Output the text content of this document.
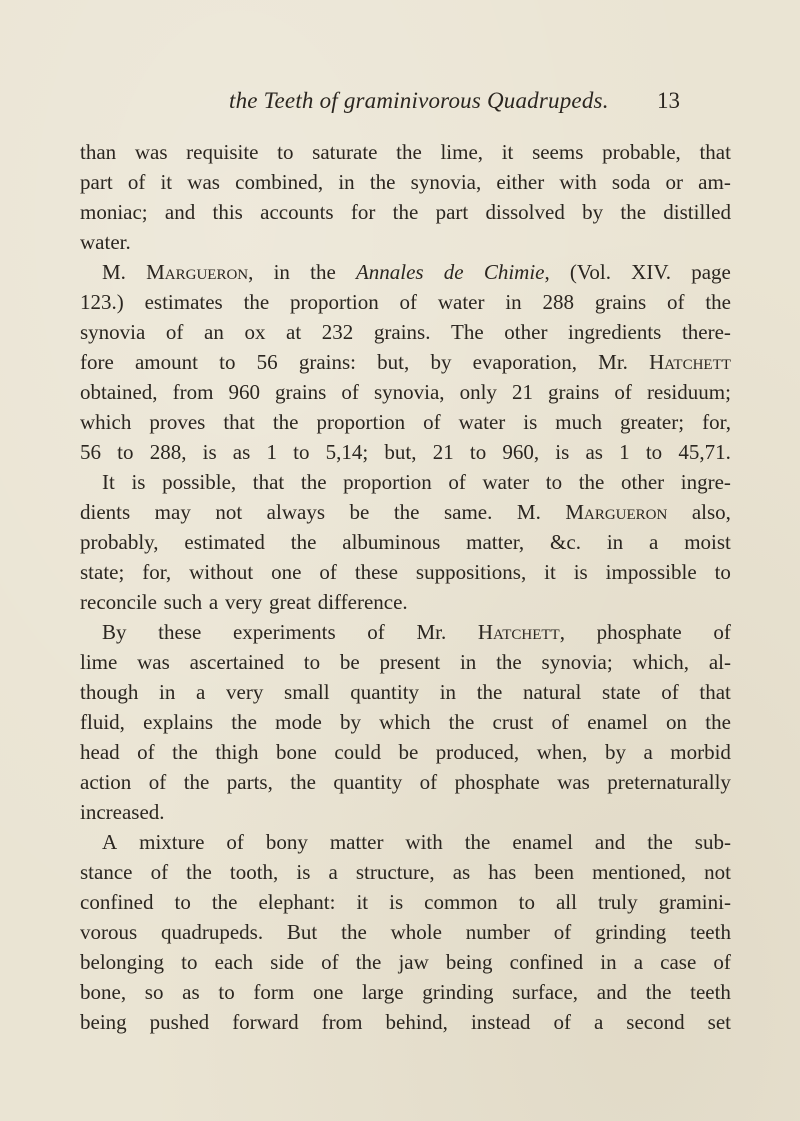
the Teeth of graminivorous Quadrupeds. 13
than was requisite to saturate the lime, it seems probable, that
part of it was combined, in the synovia, either with soda or am-
moniac; and this accounts for the part dissolved by the distilled
water.
M. Margueron, in the Annales de Chimie, (Vol. XIV. page
123.) estimates the proportion of water in 288 grains of the
synovia of an ox at 232 grains. The other ingredients there-
fore amount to 56 grains: but, by evaporation, Mr. Hatchett
obtained, from 960 grains of synovia, only 21 grains of residuum;
which proves that the proportion of water is much greater; for,
56 to 288, is as 1 to 5,14; but, 21 to 960, is as 1 to 45,71.
It is possible, that the proportion of water to the other ingre-
dients may not always be the same. M. Margueron also,
probably, estimated the albuminous matter, &c. in a moist
state; for, without one of these suppositions, it is impossible to
reconcile such a very great difference.
By these experiments of Mr. Hatchett, phosphate of
lime was ascertained to be present in the synovia; which, al-
though in a very small quantity in the natural state of that
fluid, explains the mode by which the crust of enamel on the
head of the thigh bone could be produced, when, by a morbid
action of the parts, the quantity of phosphate was preternaturally
increased.
A mixture of bony matter with the enamel and the sub-
stance of the tooth, is a structure, as has been mentioned, not
confined to the elephant: it is common to all truly gramini-
vorous quadrupeds. But the whole number of grinding teeth
belonging to each side of the jaw being confined in a case of
bone, so as to form one large grinding surface, and the teeth
being pushed forward from behind, instead of a second set
